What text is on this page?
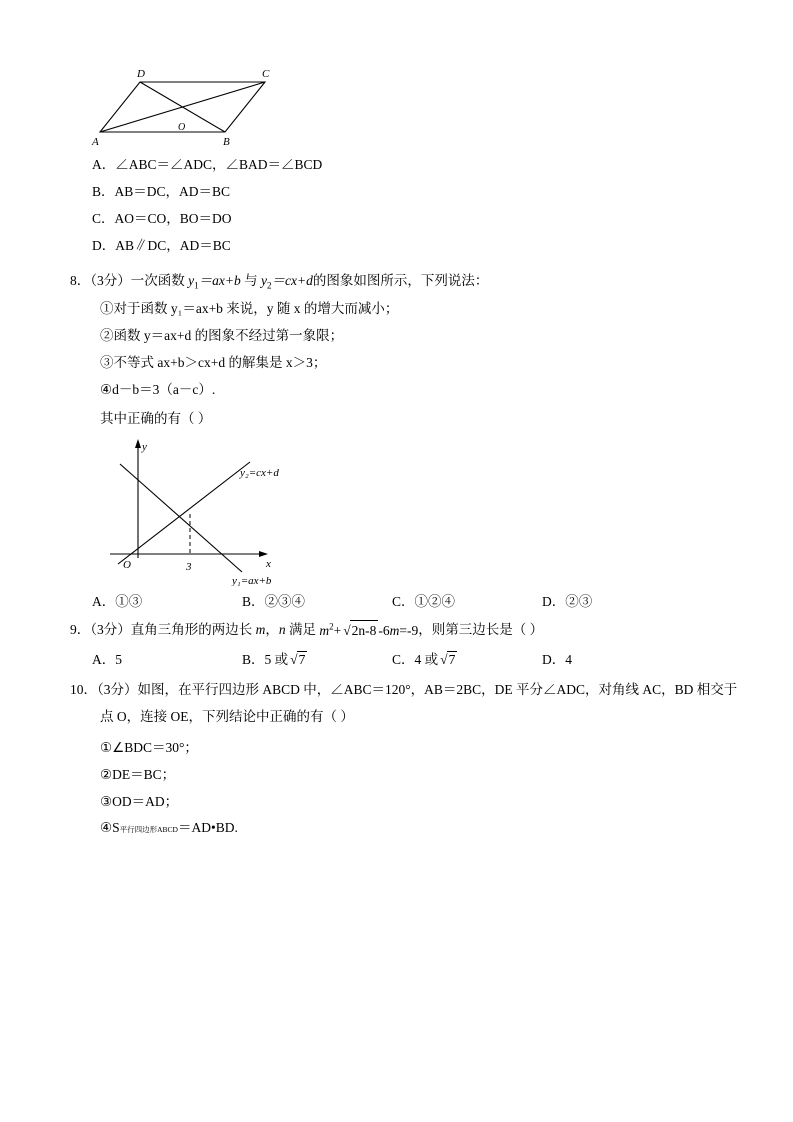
D	C
A	B
O
A．∠ABC＝∠ADC，∠BAD＝∠BCD
B．AB＝DC，AD＝BC
C．AO＝CO，BO＝DO
D．AB∥DC，AD＝BC
8．（3分）一次函数 $y_1=ax+b$ 与 $y_2=cx+d$的图象如图所示，下列说法：
①对于函数 y₁＝ax+b 来说，y 随 x 的增大而减小；
②函数 y＝ax+d 的图象不经过第一象限；
③不等式 ax+b＞cx+d 的解集是 x＞3；
④d－b＝3（a－c）.
其中正确的有（ ）
y
x
O	3
y₂=cx+d
y₁=ax+b
A．①③	B．②③④	C．①②④	D．②③
9．（3分）直角三角形的两边长 m，n 满足 $m^2+ √2n-8$ -6m=-9，则第三边长是（ ）
A．5	B．5 或 √7	C．4 或 √7	D．4
10．（3分）如图，在平行四边形 ABCD 中，∠ABC＝120°，AB＝2BC，DE 平分∠ADC，对角线 AC，BD 相交于
点 O，连接 OE，下列结论中正确的有（ ）
①∠BDC＝30°；
②DE＝BC；
③OD＝AD；
④S平行四边形ABCD＝AD•BD.
